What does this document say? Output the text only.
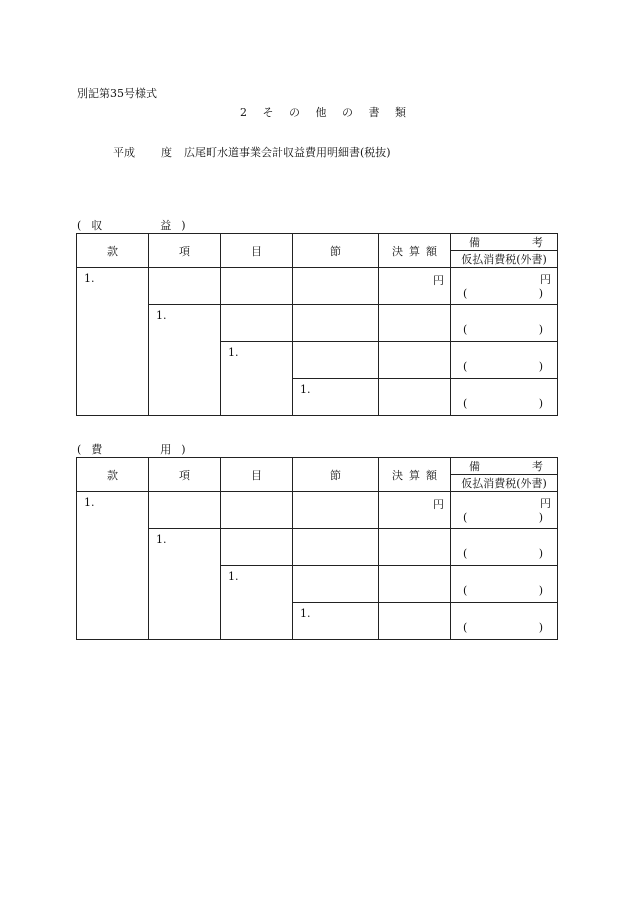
別記第35号様式
2 そ の 他 の 書 類
平成 度 広尾町水道事業会計収益費用明細書(税抜)
( 収	益 )
款	項	目	節	決 算 額	備 考

					仮払消費税(外書)

1.				円	円
( )

	1.				( )

		1.			( )

			1.		( )
( 費	用 )
款	項	目	節	決 算 額	備 考

					仮払消費税(外書)

1.				円	円
( )

	1.				( )

		1.			( )

			1.		( )
